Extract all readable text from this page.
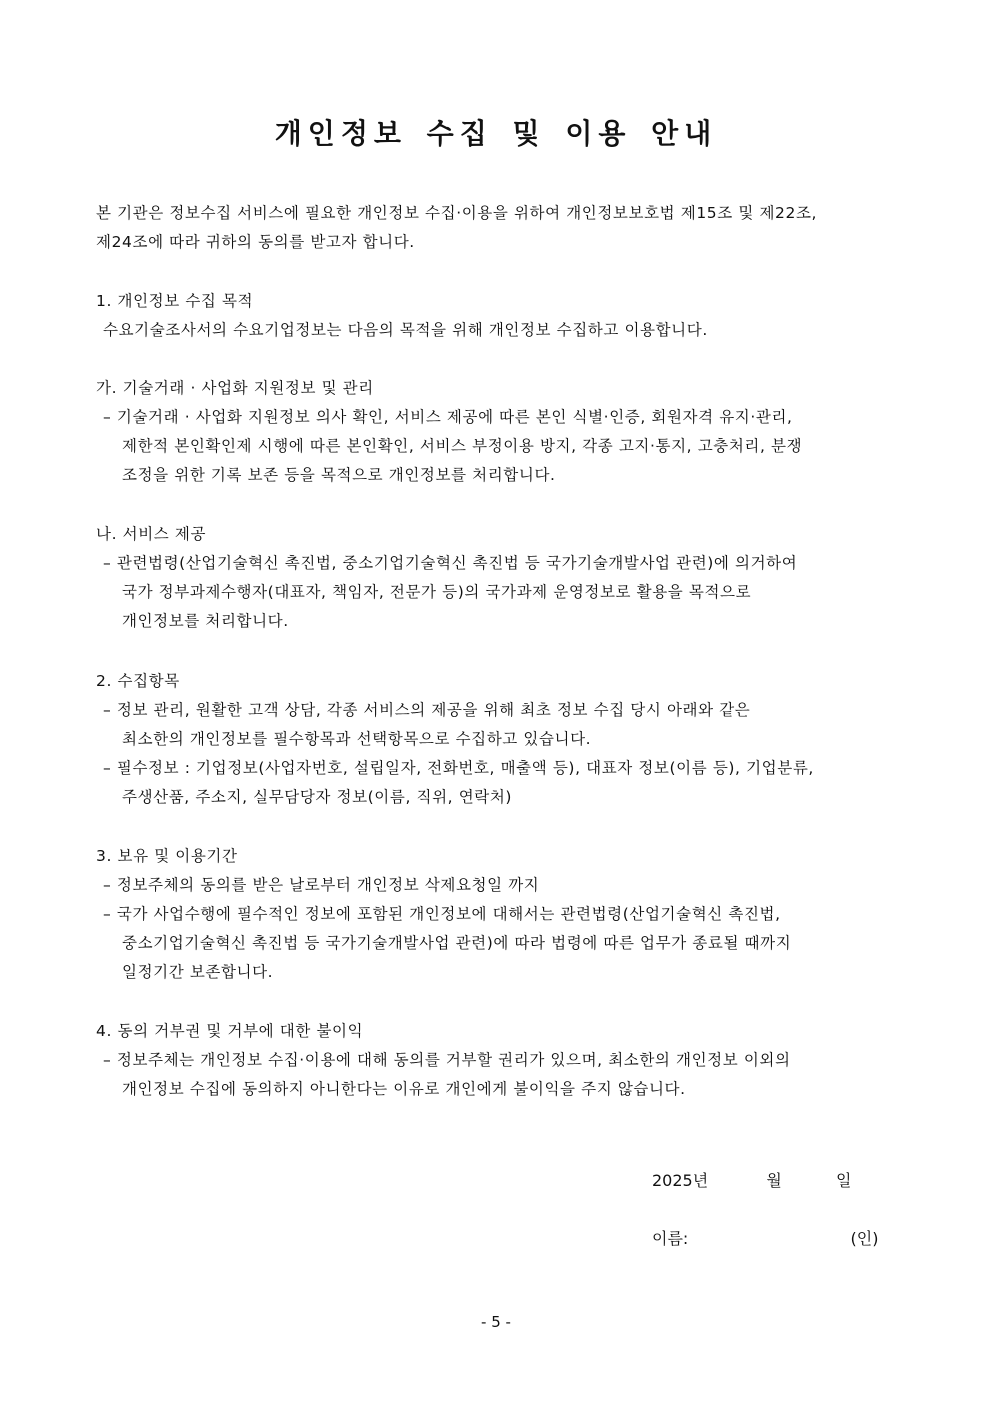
개인정보 수집 및 이용 안내
본 기관은 정보수집 서비스에 필요한 개인정보 수집·이용을 위하여 개인정보보호법 제15조 및 제22조,
제24조에 따라 귀하의 동의를 받고자 합니다.
1. 개인정보 수집 목적
수요기술조사서의 수요기업정보는 다음의 목적을 위해 개인정보 수집하고 이용합니다.
가. 기술거래 · 사업화 지원정보 및 관리
– 기술거래 · 사업화 지원정보 의사 확인, 서비스 제공에 따른 본인 식별·인증, 회원자격 유지·관리,
제한적 본인확인제 시행에 따른 본인확인, 서비스 부정이용 방지, 각종 고지·통지, 고충처리, 분쟁
조정을 위한 기록 보존 등을 목적으로 개인정보를 처리합니다.
나. 서비스 제공
– 관련법령(산업기술혁신 촉진법, 중소기업기술혁신 촉진법 등 국가기술개발사업 관련)에 의거하여
국가 정부과제수행자(대표자, 책임자, 전문가 등)의 국가과제 운영정보로 활용을 목적으로
개인정보를 처리합니다.
2. 수집항목
– 정보 관리, 원활한 고객 상담, 각종 서비스의 제공을 위해 최초 정보 수집 당시 아래와 같은
최소한의 개인정보를 필수항목과 선택항목으로 수집하고 있습니다.
– 필수정보 : 기업정보(사업자번호, 설립일자, 전화번호, 매출액 등), 대표자 정보(이름 등), 기업분류,
주생산품, 주소지, 실무담당자 정보(이름, 직위, 연락처)
3. 보유 및 이용기간
– 정보주체의 동의를 받은 날로부터 개인정보 삭제요청일 까지
– 국가 사업수행에 필수적인 정보에 포함된 개인정보에 대해서는 관련법령(산업기술혁신 촉진법,
중소기업기술혁신 촉진법 등 국가기술개발사업 관련)에 따라 법령에 따른 업무가 종료될 때까지
일정기간 보존합니다.
4. 동의 거부권 및 거부에 대한 불이익
– 정보주체는 개인정보 수집·이용에 대해 동의를 거부할 권리가 있으며, 최소한의 개인정보 이외의
개인정보 수집에 동의하지 아니한다는 이유로 개인에게 불이익을 주지 않습니다.
2025년	월	일
이름:	(인)
- 5 -
